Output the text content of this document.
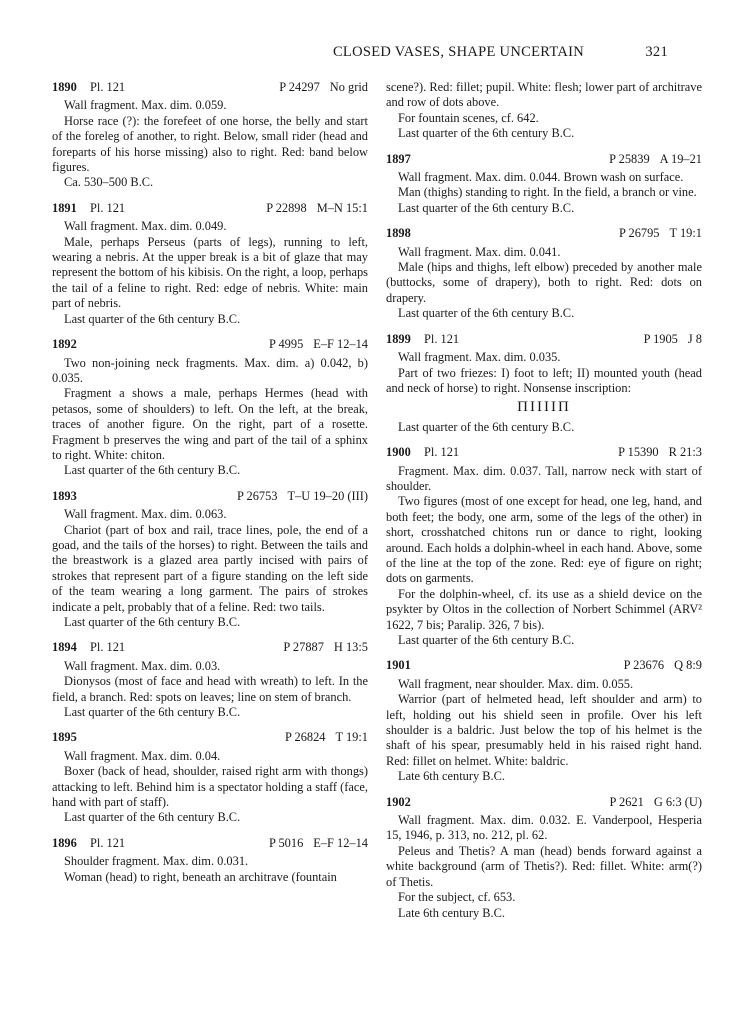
CLOSED VASES, SHAPE UNCERTAIN	321
1890	Pl. 121	P 24297 No grid

Wall fragment. Max. dim. 0.059.

Horse race (?): the forefeet of one horse, the belly and start of the foreleg of another, to right. Below, small rider (head and foreparts of his horse missing) also to right. Red: band below figures.

Ca. 530–500 B.C.

1891	Pl. 121	P 22898 M–N 15:1

Wall fragment. Max. dim. 0.049.

Male, perhaps Perseus (parts of legs), running to left, wearing a nebris. At the upper break is a bit of glaze that may represent the bottom of his kibisis. On the right, a loop, perhaps the tail of a feline to right. Red: edge of nebris. White: main part of nebris.

Last quarter of the 6th century B.C.

1892	P 4995 E–F 12–14

Two non-joining neck fragments. Max. dim. a) 0.042, b) 0.035.

Fragment a shows a male, perhaps Hermes (head with petasos, some of shoulders) to left. On the left, at the break, traces of another figure. On the right, part of a rosette. Fragment b preserves the wing and part of the tail of a sphinx to right. White: chiton.

Last quarter of the 6th century B.C.

1893	P 26753 T–U 19–20 (III)

Wall fragment. Max. dim. 0.063.

Chariot (part of box and rail, trace lines, pole, the end of a goad, and the tails of the horses) to right. Between the tails and the breastwork is a glazed area partly incised with pairs of strokes that represent part of a figure standing on the left side of the team wearing a long garment. The pairs of strokes indicate a pelt, probably that of a feline. Red: two tails.

Last quarter of the 6th century B.C.

1894	Pl. 121	P 27887 H 13:5

Wall fragment. Max. dim. 0.03.

Dionysos (most of face and head with wreath) to left. In the field, a branch. Red: spots on leaves; line on stem of branch.

Last quarter of the 6th century B.C.

1895	P 26824 T 19:1

Wall fragment. Max. dim. 0.04.

Boxer (back of head, shoulder, raised right arm with thongs) attacking to left. Behind him is a spectator holding a staff (face, hand with part of staff).

Last quarter of the 6th century B.C.

1896	Pl. 121	P 5016 E–F 12–14

Shoulder fragment. Max. dim. 0.031.

Woman (head) to right, beneath an architrave (fountain

scene?). Red: fillet; pupil. White: flesh; lower part of architrave and row of dots above.

For fountain scenes, cf. 642.

Last quarter of the 6th century B.C.

1897	P 25839 A 19–21

Wall fragment. Max. dim. 0.044. Brown wash on surface.

Man (thighs) standing to right. In the field, a branch or vine.

Last quarter of the 6th century B.C.

1898	P 26795 T 19:1

Wall fragment. Max. dim. 0.041.

Male (hips and thighs, left elbow) preceded by another male (buttocks, some of drapery), both to right. Red: dots on drapery.

Last quarter of the 6th century B.C.

1899	Pl. 121	P 1905 J 8

Wall fragment. Max. dim. 0.035.

Part of two friezes: I) foot to left; II) mounted youth (head and neck of horse) to right. Nonsense inscription:

ΠΙΙΙΙΠ

Last quarter of the 6th century B.C.

1900	Pl. 121	P 15390 R 21:3

Fragment. Max. dim. 0.037. Tall, narrow neck with start of shoulder.

Two figures (most of one except for head, one leg, hand, and both feet; the body, one arm, some of the legs of the other) in short, crosshatched chitons run or dance to right, looking around. Each holds a dolphin-wheel in each hand. Above, some of the line at the top of the zone. Red: eye of figure on right; dots on garments.

For the dolphin-wheel, cf. its use as a shield device on the psykter by Oltos in the collection of Norbert Schimmel (ARV² 1622, 7 bis; Paralip. 326, 7 bis).

Last quarter of the 6th century B.C.

1901	P 23676 Q 8:9

Wall fragment, near shoulder. Max. dim. 0.055.

Warrior (part of helmeted head, left shoulder and arm) to left, holding out his shield seen in profile. Over his left shoulder is a baldric. Just below the top of his helmet is the shaft of his spear, presumably held in his raised right hand. Red: fillet on helmet. White: baldric.

Late 6th century B.C.

1902	P 2621 G 6:3 (U)

Wall fragment. Max. dim. 0.032. E. Vanderpool, Hesperia 15, 1946, p. 313, no. 212, pl. 62.

Peleus and Thetis? A man (head) bends forward against a white background (arm of Thetis?). Red: fillet. White: arm(?) of Thetis.

For the subject, cf. 653.

Late 6th century B.C.
